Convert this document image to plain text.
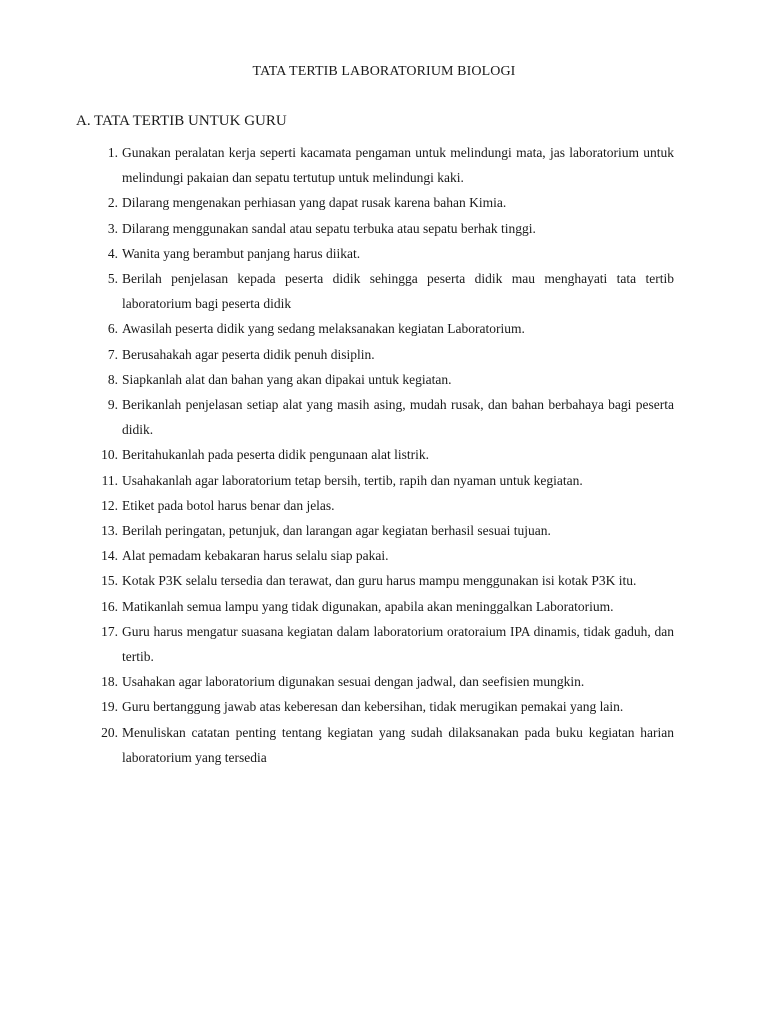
TATA TERTIB LABORATORIUM BIOLOGI
A. TATA TERTIB UNTUK GURU
1. Gunakan peralatan kerja seperti kacamata pengaman untuk melindungi mata, jas laboratorium untuk melindungi pakaian dan sepatu tertutup untuk melindungi kaki.
2. Dilarang mengenakan perhiasan yang dapat rusak karena bahan Kimia.
3. Dilarang menggunakan sandal atau sepatu terbuka atau sepatu berhak tinggi.
4. Wanita yang berambut panjang harus diikat.
5. Berilah penjelasan kepada peserta didik sehingga peserta didik mau menghayati tata tertib laboratorium bagi peserta didik
6. Awasilah peserta didik yang sedang melaksanakan kegiatan Laboratorium.
7. Berusahakah agar peserta didik penuh disiplin.
8. Siapkanlah alat dan bahan yang akan dipakai untuk kegiatan.
9. Berikanlah penjelasan setiap alat yang masih asing, mudah rusak, dan bahan berbahaya bagi peserta didik.
10. Beritahukanlah pada peserta didik pengunaan alat listrik.
11. Usahakanlah agar laboratorium tetap bersih, tertib, rapih dan nyaman untuk kegiatan.
12. Etiket pada botol harus benar dan jelas.
13. Berilah peringatan, petunjuk, dan larangan agar kegiatan berhasil sesuai tujuan.
14. Alat pemadam kebakaran harus selalu siap pakai.
15. Kotak P3K selalu tersedia dan terawat, dan guru harus mampu menggunakan isi kotak P3K itu.
16. Matikanlah semua lampu yang tidak digunakan, apabila akan meninggalkan Laboratorium.
17. Guru harus mengatur suasana kegiatan dalam laboratorium oratoraium IPA dinamis, tidak gaduh, dan tertib.
18. Usahakan agar laboratorium digunakan sesuai dengan jadwal, dan seefisien mungkin.
19. Guru bertanggung jawab atas keberesan dan kebersihan, tidak merugikan pemakai yang lain.
20. Menuliskan catatan penting tentang kegiatan yang sudah dilaksanakan pada buku kegiatan harian laboratorium yang tersedia
